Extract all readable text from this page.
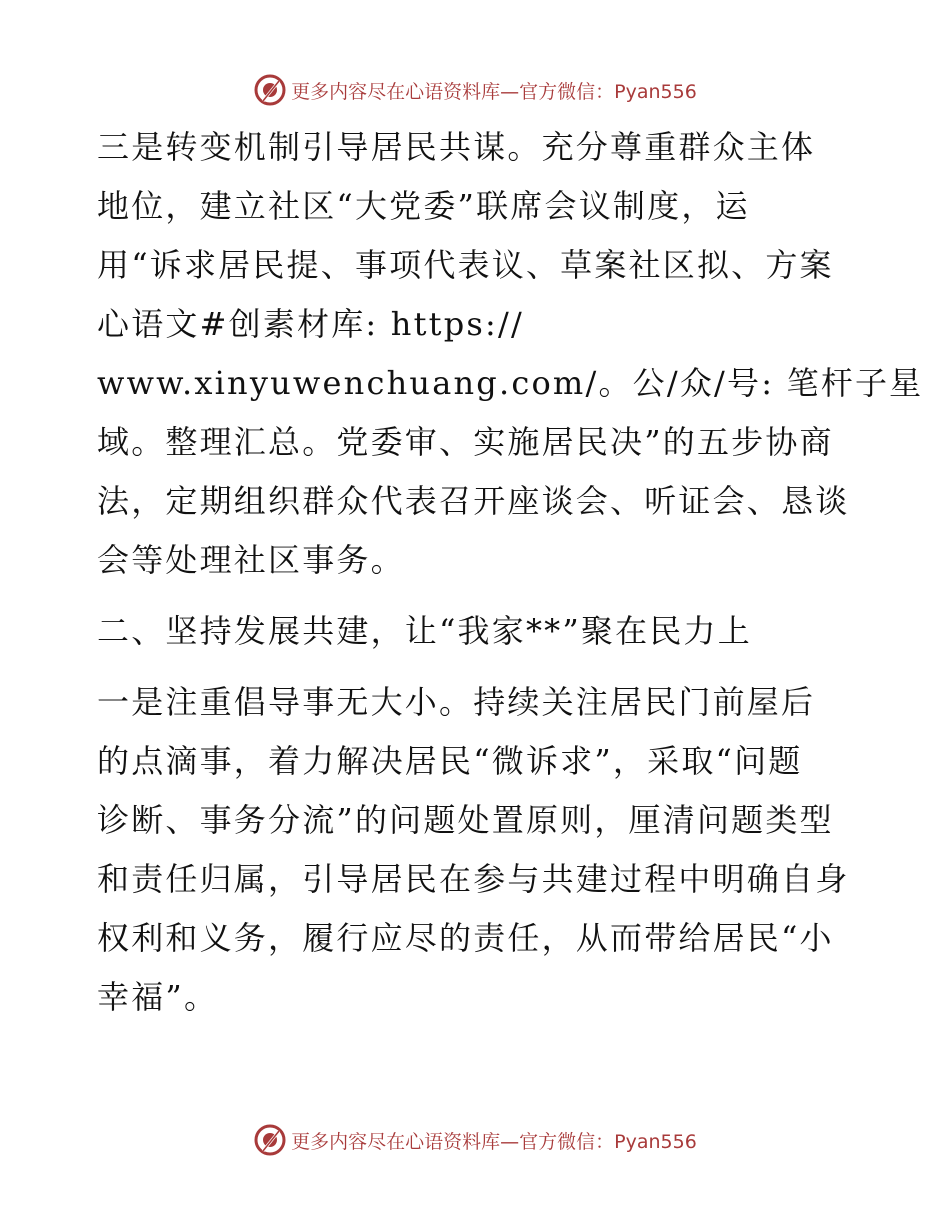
更多内容尽在心语资料库—官方微信：Pyan556

三是转变机制引导居民共谋。充分尊重群众主体
地位，建立社区“大党委”联席会议制度，运
用“诉求居民提、事项代表议、草案社区拟、方案
心语文#创素材库: https://
www.xinyuwenchuang.com/。公/众/号: 笔杆子星
域。整理汇总。党委审、实施居民决”的五步协商
法，定期组织群众代表召开座谈会、听证会、恳谈
会等处理社区事务。

二、坚持发展共建，让“我家**”聚在民力上

一是注重倡导事无大小。持续关注居民门前屋后
的点滴事，着力解决居民“微诉求”，采取“问题
诊断、事务分流”的问题处置原则，厘清问题类型
和责任归属，引导居民在参与共建过程中明确自身
权利和义务，履行应尽的责任，从而带给居民“小
幸福”。

更多内容尽在心语资料库—官方微信：Pyan556
